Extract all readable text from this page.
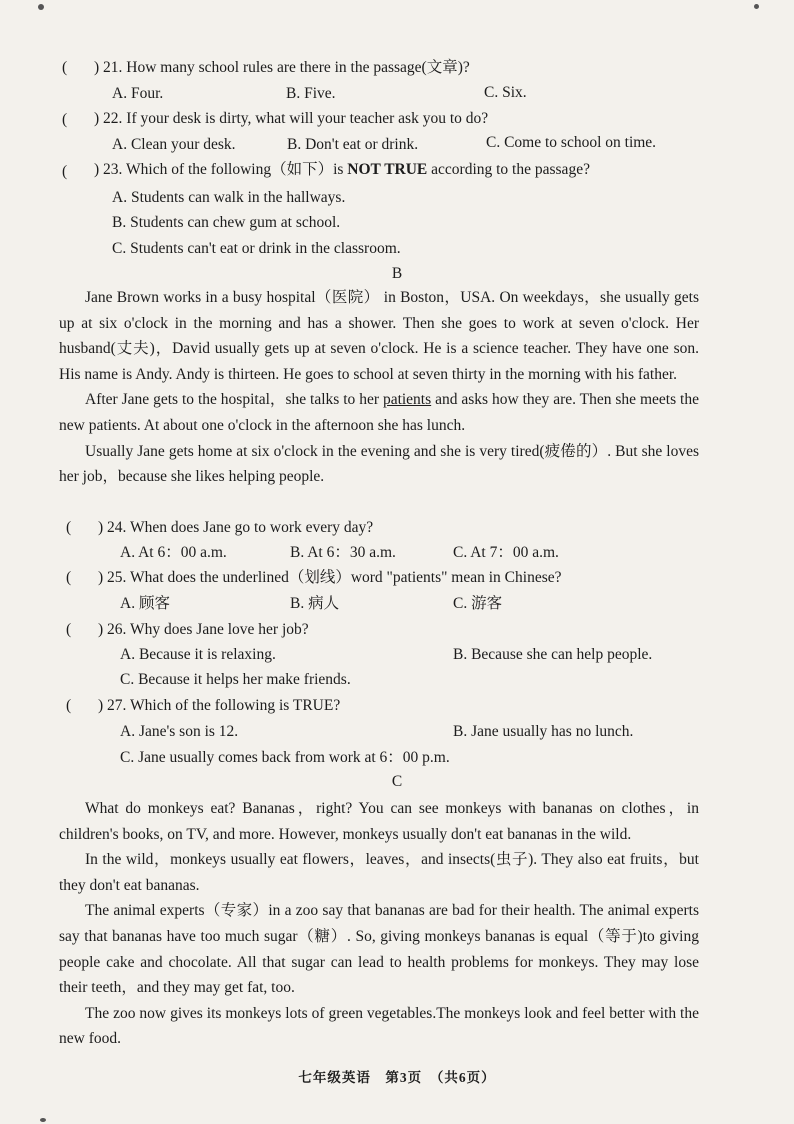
( ) 21. How many school rules are there in the passage(文章)?
A. Four.	B. Five.	C. Six.
( ) 22. If your desk is dirty, what will your teacher ask you to do?
A. Clean your desk.	B. Don't eat or drink.	C. Come to school on time.
( ) 23. Which of the following（如下）is NOT TRUE according to the passage?
A. Students can walk in the hallways.
B. Students can chew gum at school.
C. Students can't eat or drink in the classroom.
B
Jane Brown works in a busy hospital（医院） in Boston，USA. On weekdays，she usually gets up at six o'clock in the morning and has a shower. Then she goes to work at seven o'clock. Her husband(丈夫)，David usually gets up at seven o'clock. He is a science teacher. They have one son. His name is Andy. Andy is thirteen. He goes to school at seven thirty in the morning with his father.
After Jane gets to the hospital，she talks to her patients and asks how they are. Then she meets the new patients. At about one o'clock in the afternoon she has lunch.
Usually Jane gets home at six o'clock in the evening and she is very tired(疲倦的）. But she loves her job，because she likes helping people.
( ) 24. When does Jane go to work every day?
A. At 6：00 a.m.	B. At 6：30 a.m.	C. At 7：00 a.m.
( ) 25. What does the underlined（划线）word "patients" mean in Chinese?
A. 顾客	B. 病人	C. 游客
( ) 26. Why does Jane love her job?
A. Because it is relaxing.	B. Because she can help people.
C. Because it helps her make friends.
( ) 27. Which of the following is TRUE?
A. Jane's son is 12.	B. Jane usually has no lunch.
C. Jane usually comes back from work at 6：00 p.m.
C
What do monkeys eat? Bananas，right? You can see monkeys with bananas on clothes，in children's books, on TV, and more. However, monkeys usually don't eat bananas in the wild.
In the wild，monkeys usually eat flowers，leaves，and insects(虫子). They also eat fruits，but they don't eat bananas.
The animal experts（专家）in a zoo say that bananas are bad for their health. The animal experts say that bananas have too much sugar（糖）. So, giving monkeys bananas is equal（等于)to giving people cake and chocolate. All that sugar can lead to health problems for monkeys. They may lose their teeth，and they may get fat, too.
The zoo now gives its monkeys lots of green vegetables.The monkeys look and feel better with the new food.
七年级英语　第3页　（共6页）
